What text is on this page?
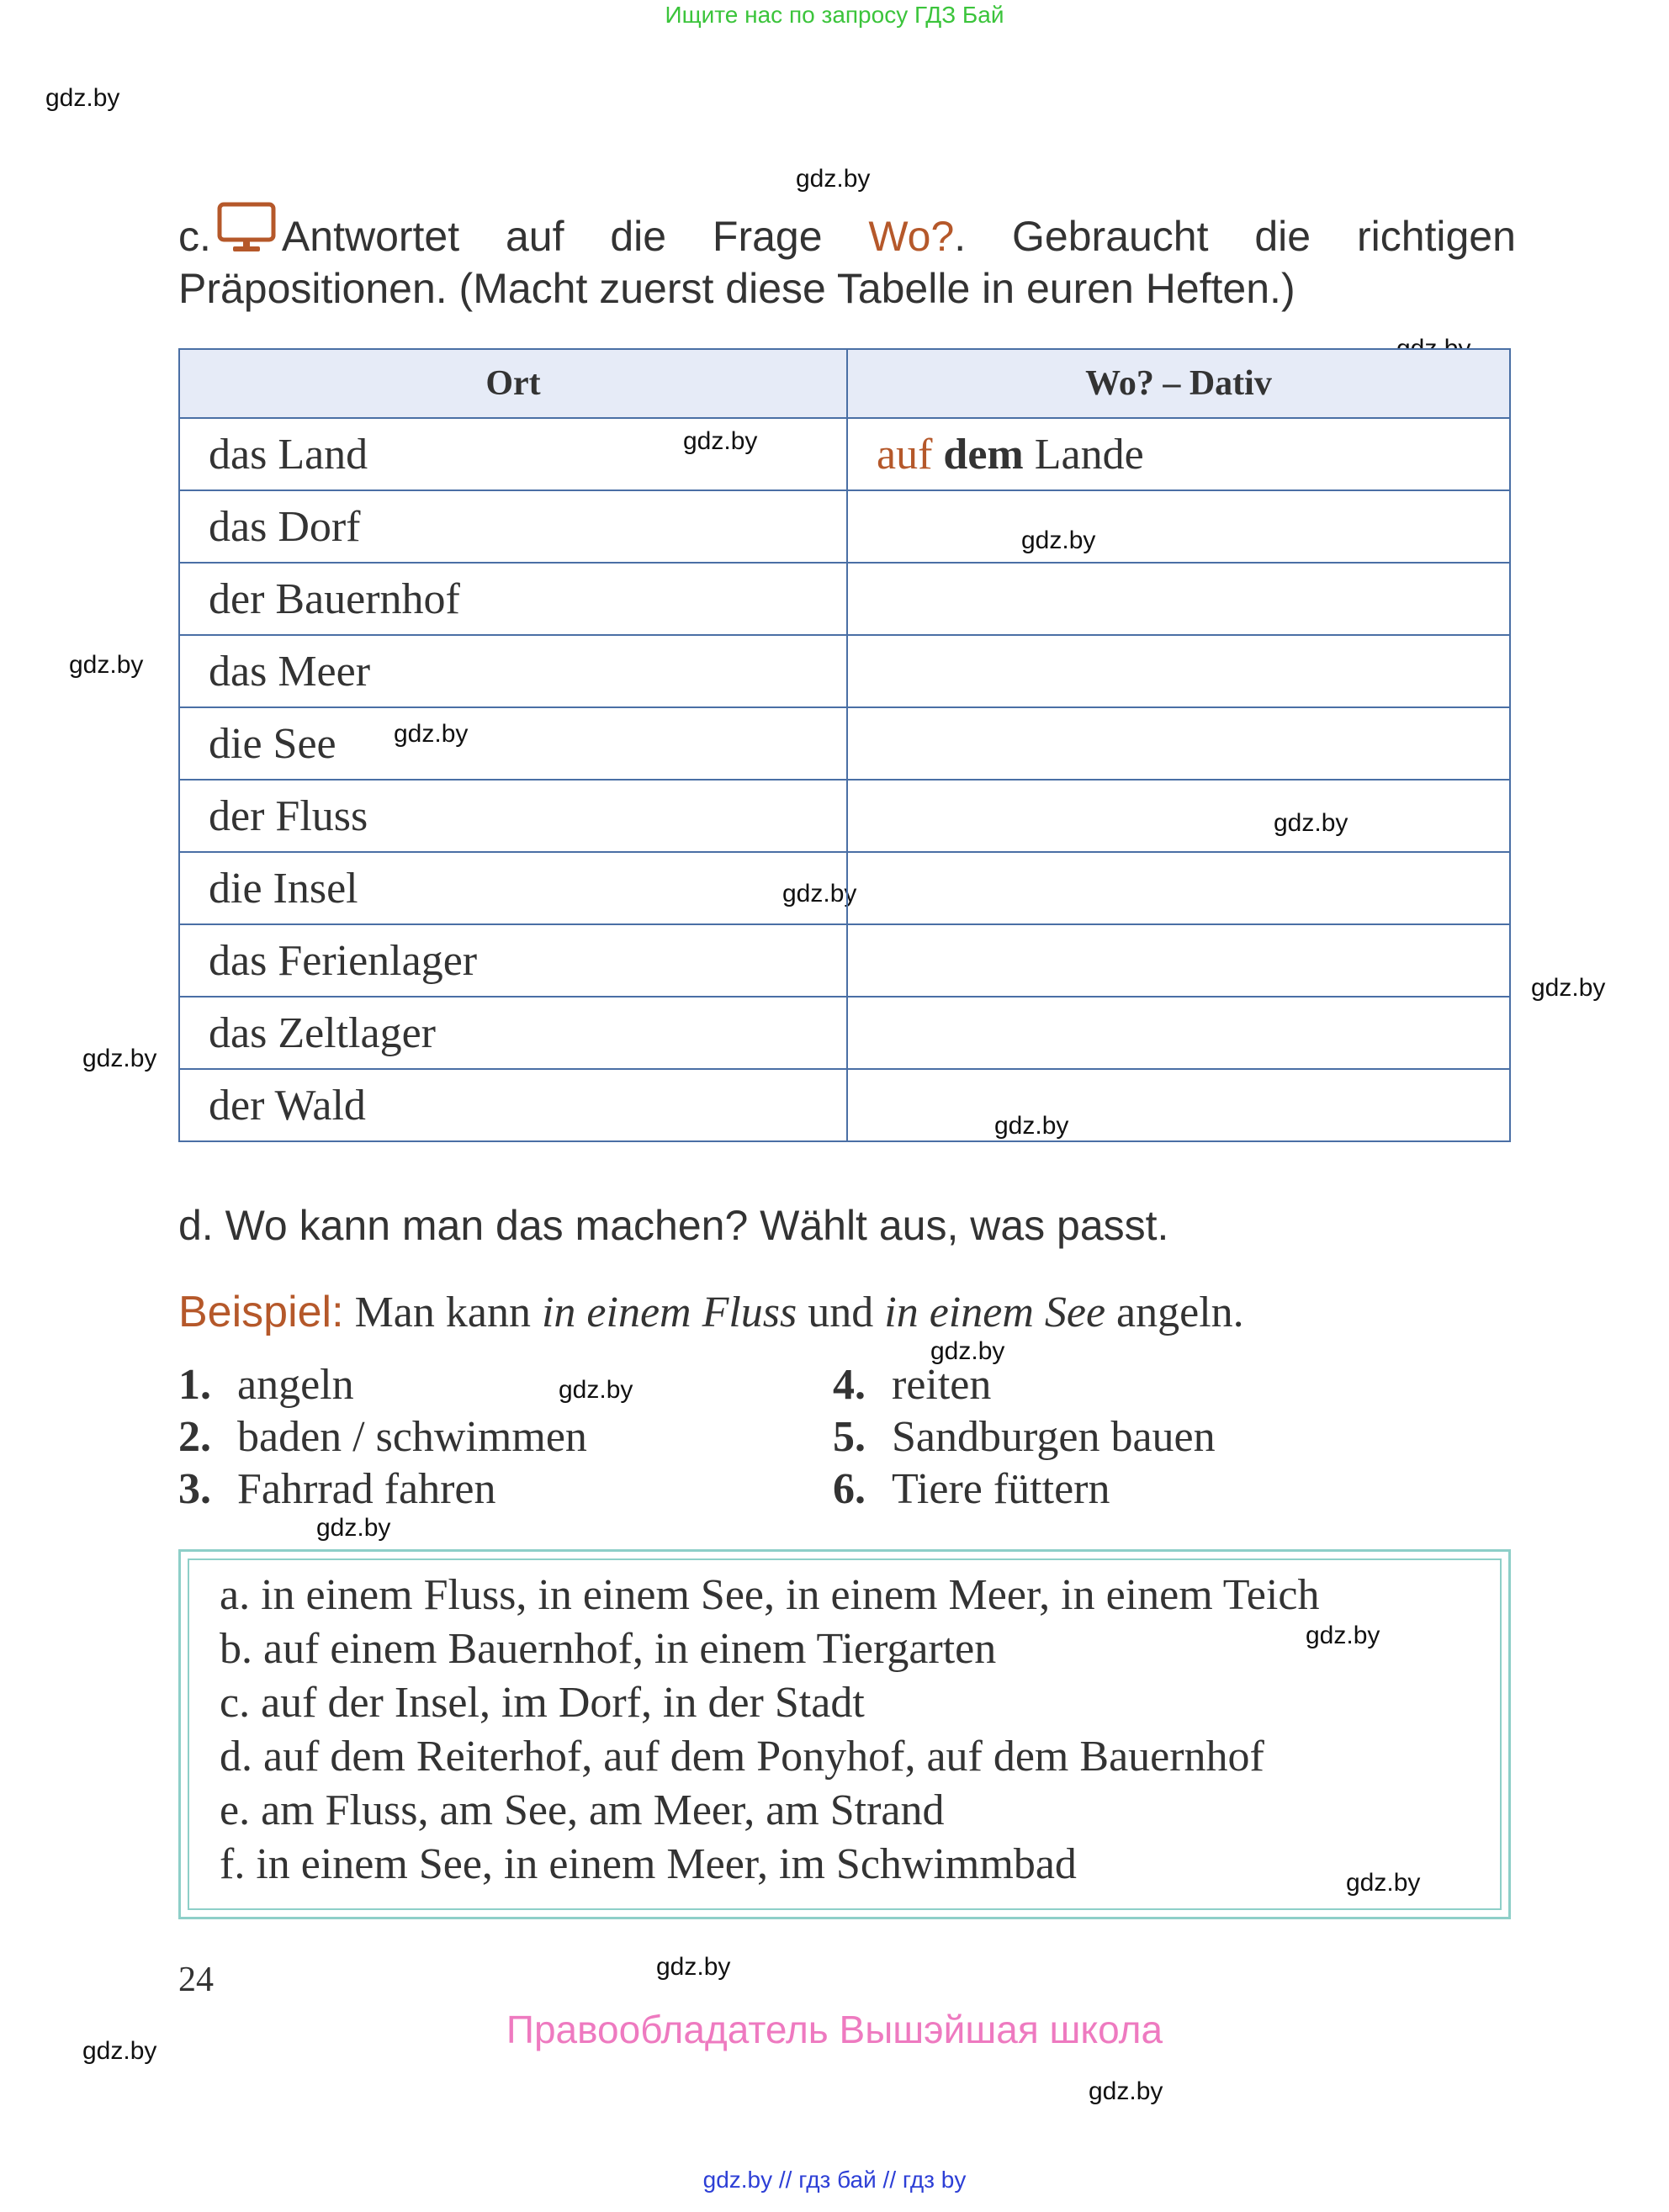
Ищите нас по запросу ГДЗ Бай
gdz.by
gdz.by
gdz.by
gdz.by
gdz.by
gdz.by
gdz.by
gdz.by
gdz.by
gdz.by
gdz.by
gdz.by
gdz.by
gdz.by
gdz.by
gdz.by
gdz.by
gdz.by
gdz.by
c. Antwortet auf die Frage Wo?. Gebraucht die richtigen
Präpositionen. (Macht zuerst diese Tabelle in euren Heften.)
Ort	Wo? – Dativ
das Land	auf dem Lande
das Dorf	
der Bauernhof	
das Meer	
die See	
der Fluss	
die Insel	
das Ferienlager	
das Zeltlager	
der Wald	
d. Wo kann man das machen? Wählt aus, was passt.
Beispiel: Man kann in einem Fluss und in einem See angeln.
1. angeln
2. baden / schwimmen
3. Fahrrad fahren
4. reiten
5. Sandburgen bauen
6. Tiere füttern
a. in einem Fluss, in einem See, in einem Meer, in einem Teich
b. auf einem Bauernhof, in einem Tiergarten
c. auf der Insel, im Dorf, in der Stadt
d. auf dem Reiterhof, auf dem Ponyhof, auf dem Bauernhof
e. am Fluss, am See, am Meer, am Strand
f. in einem See, in einem Meer, im Schwimmbad
24
Правообладатель Вышэйшая школа
gdz.by // гдз бай // гдз by
